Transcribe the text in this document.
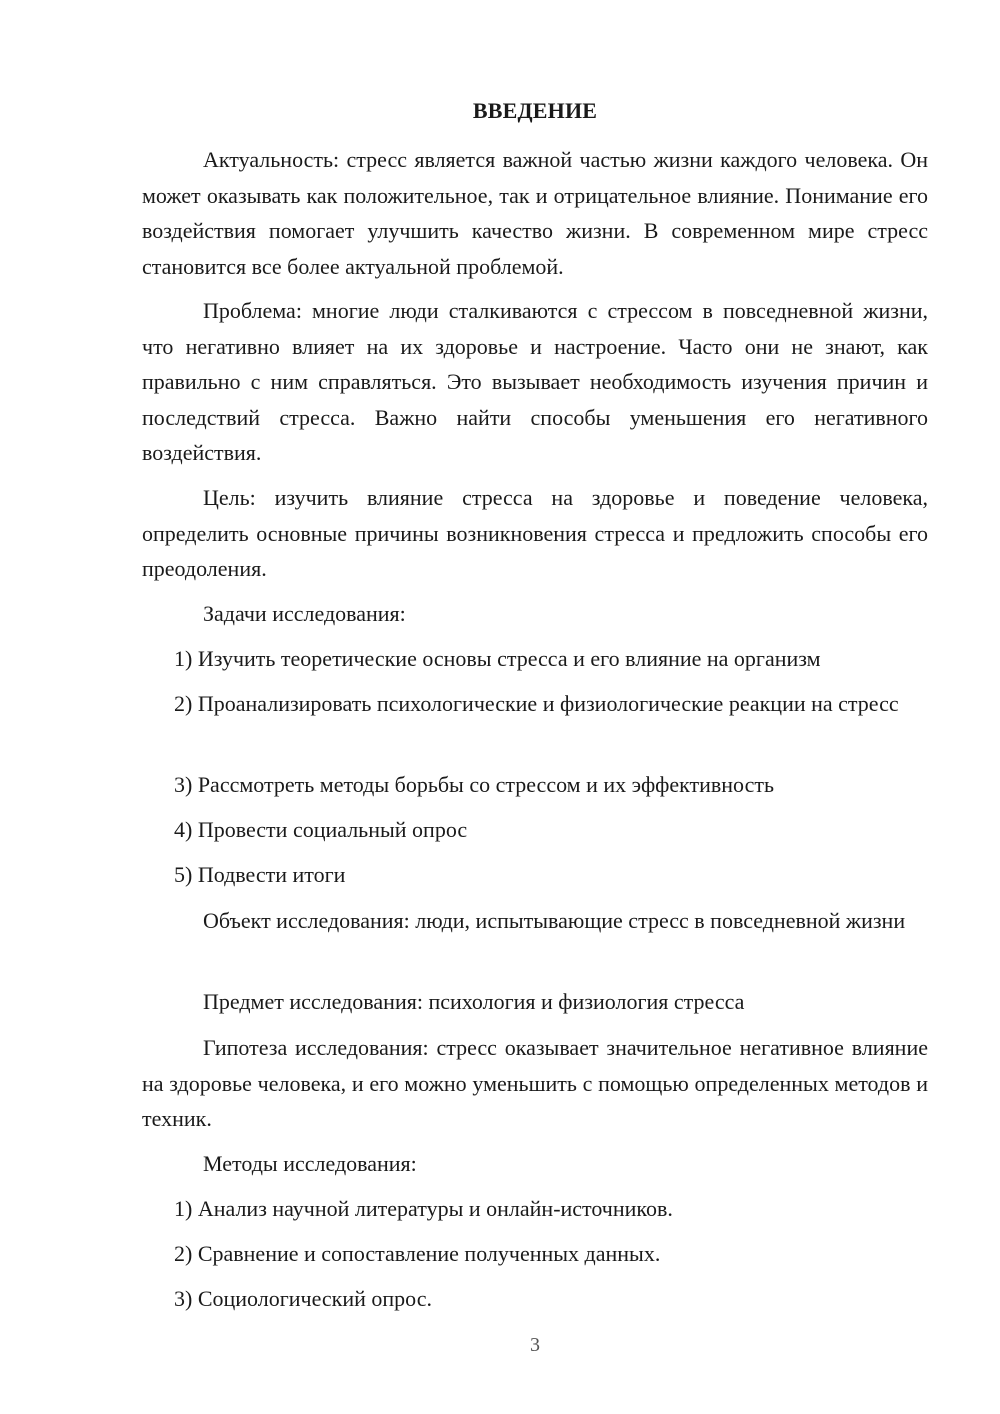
ВВЕДЕНИЕ

Актуальность: стресс является важной частью жизни каждого человека. Он может оказывать как положительное, так и отрицательное влияние. Понимание его воздействия помогает улучшить качество жизни. В современном мире стресс становится все более актуальной проблемой.

Проблема: многие люди сталкиваются с стрессом в повседневной жизни, что негативно влияет на их здоровье и настроение. Часто они не знают, как правильно с ним справляться. Это вызывает необходимость изучения причин и последствий стресса. Важно найти способы уменьшения его негативного воздействия.

Цель: изучить влияние стресса на здоровье и поведение человека, определить основные причины возникновения стресса и предложить способы его преодоления.

Задачи исследования:

1) Изучить теоретические основы стресса и его влияние на организм

2) Проанализировать психологические и физиологические реакции на стресс

3) Рассмотреть методы борьбы со стрессом и их эффективность

4) Провести социальный опрос

5) Подвести итоги

Объект исследования: люди, испытывающие стресс в повседневной жизни

Предмет исследования: психология и физиология стресса

Гипотеза исследования: стресс оказывает значительное негативное влияние на здоровье человека, и его можно уменьшить с помощью определенных методов и техник.

Методы исследования:

1) Анализ научной литературы и онлайн-источников.

2) Сравнение и сопоставление полученных данных.

3) Социологический опрос.

3
